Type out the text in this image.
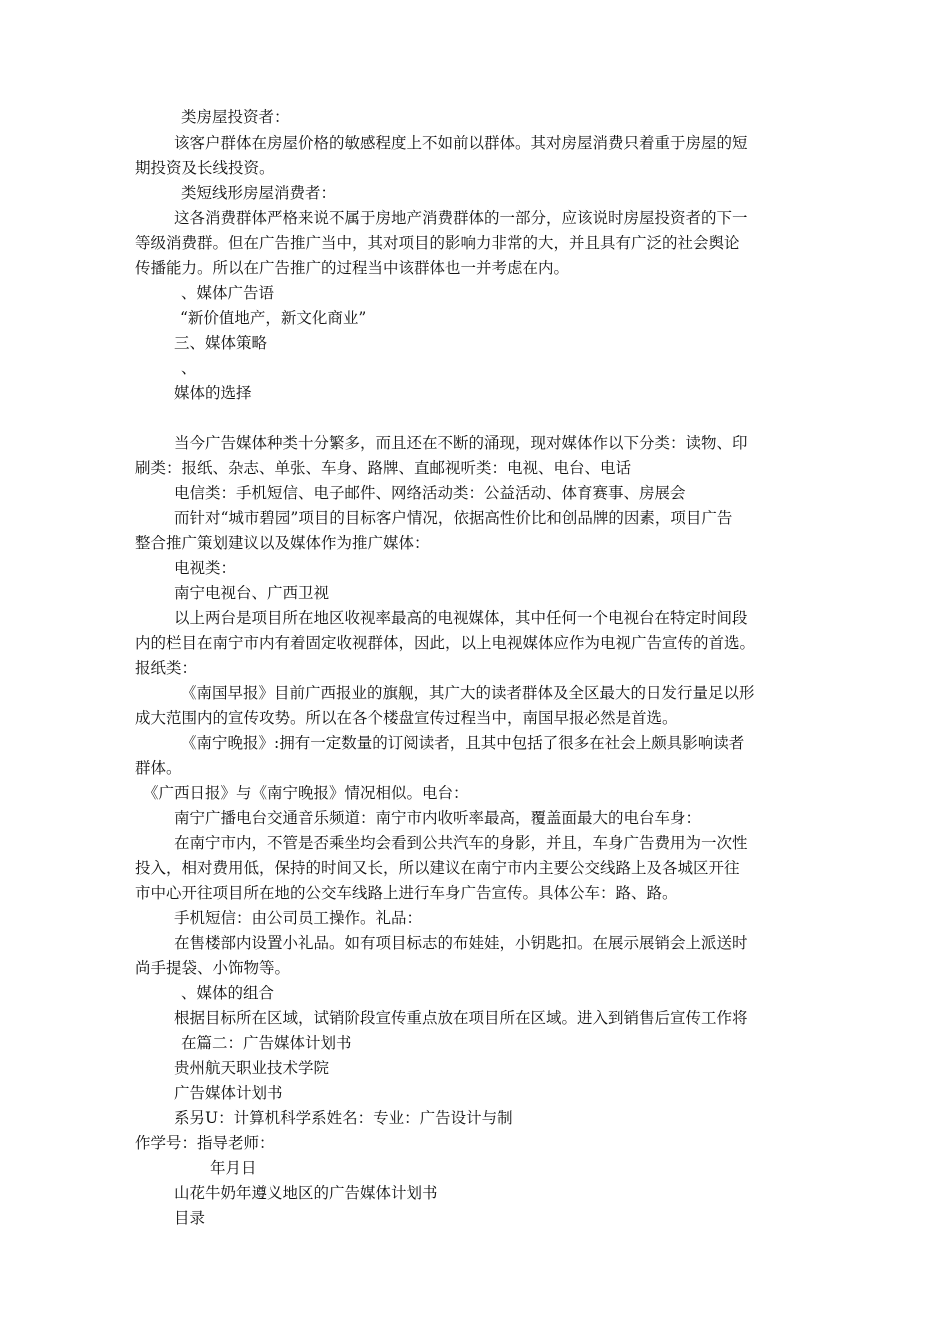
类房屋投资者：
该客户群体在房屋价格的敏感程度上不如前以群体。其对房屋消费只着重于房屋的短
期投资及长线投资。
类短线形房屋消费者：
这各消费群体严格来说不属于房地产消费群体的一部分，应该说时房屋投资者的下一
等级消费群。但在广告推广当中，其对项目的影响力非常的大，并且具有广泛的社会舆论
传播能力。所以在广告推广的过程当中该群体也一并考虑在内。
、媒体广告语
“新价值地产，新文化商业”
三、媒体策略
、
媒体的选择
当今广告媒体种类十分繁多，而且还在不断的涌现，现对媒体作以下分类：读物、印
刷类：报纸、杂志、单张、车身、路牌、直邮视听类：电视、电台、电话
电信类：手机短信、电子邮件、网络活动类：公益活动、体育赛事、房展会
而针对“城市碧园”项目的目标客户情况，依据高性价比和创品牌的因素，项目广告
整合推广策划建议以及媒体作为推广媒体：
电视类：
南宁电视台、广西卫视
以上两台是项目所在地区收视率最高的电视媒体，其中任何一个电视台在特定时间段
内的栏目在南宁市内有着固定收视群体，因此，以上电视媒体应作为电视广告宣传的首选。
报纸类：
《南国早报》目前广西报业的旗舰，其广大的读者群体及全区最大的日发行量足以形
成大范围内的宣传攻势。所以在各个楼盘宣传过程当中，南国早报必然是首选。
《南宁晚报》:拥有一定数量的订阅读者，且其中包括了很多在社会上颇具影响读者
群体。
《广西日报》与《南宁晚报》情况相似。电台：
南宁广播电台交通音乐频道：南宁市内收听率最高，覆盖面最大的电台车身：
在南宁市内，不管是否乘坐均会看到公共汽车的身影，并且，车身广告费用为一次性
投入，相对费用低，保持的时间又长，所以建议在南宁市内主要公交线路上及各城区开往
市中心开往项目所在地的公交车线路上进行车身广告宣传。具体公车：路、路。
手机短信：由公司员工操作。礼品：
在售楼部内设置小礼品。如有项目标志的布娃娃，小钥匙扣。在展示展销会上派送时
尚手提袋、小饰物等。
、媒体的组合
根据目标所在区域，试销阶段宣传重点放在项目所在区域。进入到销售后宣传工作将
在篇二：广告媒体计划书
贵州航天职业技术学院
广告媒体计划书
系另U：计算机科学系姓名：专业：广告设计与制
作学号：指导老师：
年月日
山花牛奶年遵义地区的广告媒体计划书
目录
